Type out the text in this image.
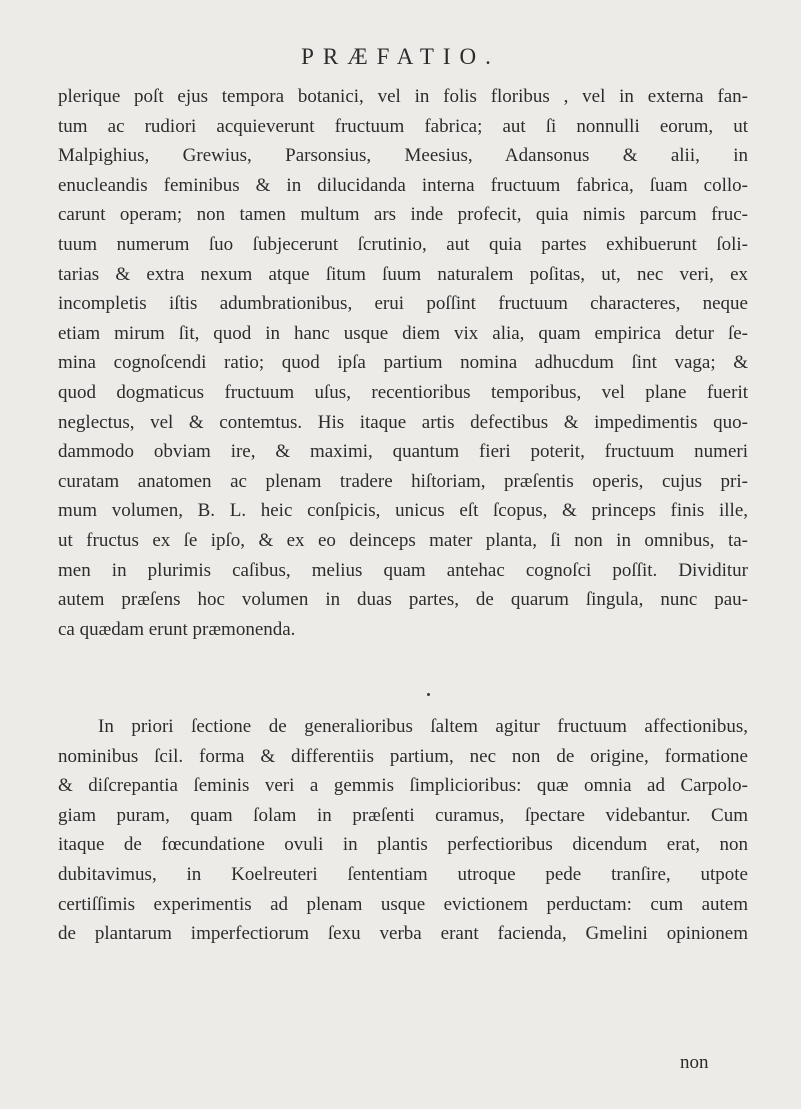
PRÆFATIO.
plerique poſt ejus tempora botanici, vel in folis floribus , vel in externa fan-
tum ac rudiori acquieverunt fructuum fabrica; aut ſi nonnulli eorum, ut
Malpighius, Grewius, Parsonsius, Meesius, Adansonus & alii, in
enucleandis feminibus & in dilucidanda interna fructuum fabrica, ſuam collo-
carunt operam; non tamen multum ars inde profecit, quia nimis parcum fruc-
tuum numerum ſuo ſubjecerunt ſcrutinio, aut quia partes exhibuerunt ſoli-
tarias & extra nexum atque ſitum ſuum naturalem poſitas, ut, nec veri, ex
incompletis iſtis adumbrationibus, erui poſſint fructuum characteres, neque
etiam mirum ſit, quod in hanc usque diem vix alia, quam empirica detur ſe-
mina cognoſcendi ratio; quod ipſa partium nomina adhucdum ſint vaga; &
quod dogmaticus fructuum uſus, recentioribus temporibus, vel plane fuerit
neglectus, vel & contemtus. His itaque artis defectibus & impedimentis quo-
dammodo obviam ire, & maximi, quantum fieri poterit, fructuum numeri
curatam anatomen ac plenam tradere hiſtoriam, præſentis operis, cujus pri-
mum volumen, B. L. heic conſpicis, unicus eſt ſcopus, & princeps finis ille,
ut fructus ex ſe ipſo, & ex eo deinceps mater planta, ſi non in omnibus, ta-
men in plurimis caſibus, melius quam antehac cognoſci poſſit. Dividitur
autem præſens hoc volumen in duas partes, de quarum ſingula, nunc pau-
ca quædam erunt præmonenda.
In priori ſectione de generalioribus ſaltem agitur fructuum affectionibus,
nominibus ſcil. forma & differentiis partium, nec non de origine, formatione
& diſcrepantia ſeminis veri a gemmis ſimplicioribus: quæ omnia ad Carpolo-
giam puram, quam ſolam in præſenti curamus, ſpectare videbantur. Cum
itaque de fœcundatione ovuli in plantis perfectioribus dicendum erat, non
dubitavimus, in Koelreuteri ſententiam utroque pede tranſire, utpote
certiſſimis experimentis ad plenam usque evictionem perductam: cum autem
de plantarum imperfectiorum ſexu verba erant facienda, Gmelini opinionem
non
